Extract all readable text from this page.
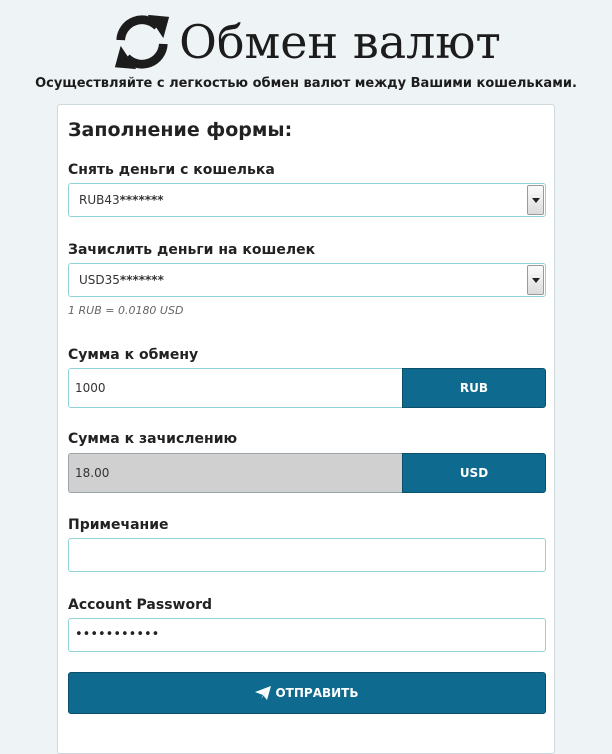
Обмен валют
Осуществляйте с легкостью обмен валют между Вашими кошельками.
Заполнение формы:
Снять деньги с кошелька
RUB43*******
Зачислить деньги на кошелек
USD35*******
1 RUB = 0.0180 USD
Сумма к обмену
1000	RUB
Сумма к зачислению
18.00	USD
Примечание
Account Password
•••••••••••
ОТПРАВИТЬ
